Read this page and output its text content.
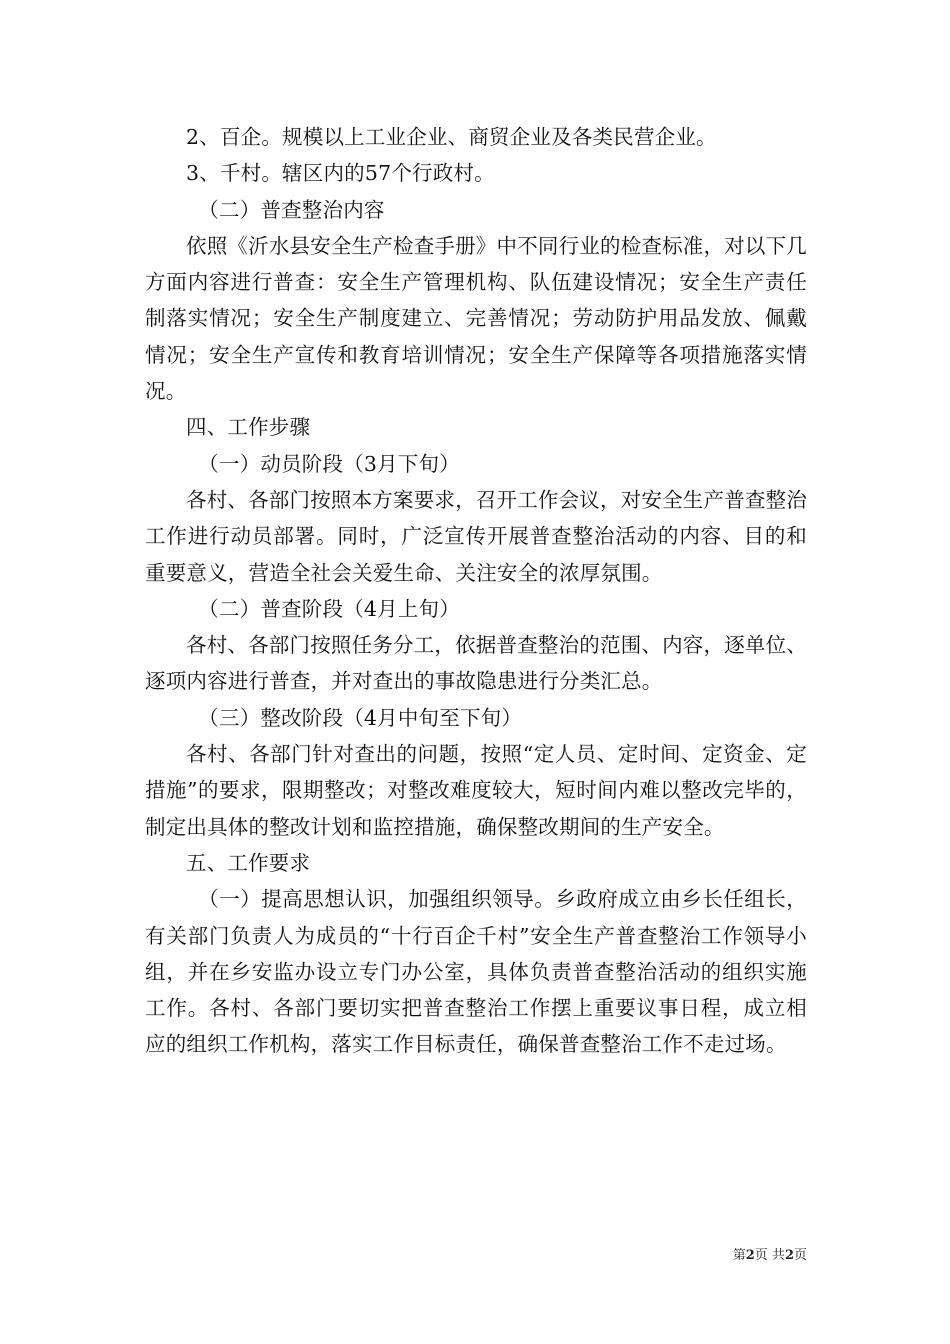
2、百企。规模以上工业企业、商贸企业及各类民营企业。

3、千村。辖区内的57个行政村。

（二）普查整治内容

依照《沂水县安全生产检查手册》中不同行业的检查标准，对以下几方面内容进行普查：安全生产管理机构、队伍建设情况；安全生产责任制落实情况；安全生产制度建立、完善情况；劳动防护用品发放、佩戴情况；安全生产宣传和教育培训情况；安全生产保障等各项措施落实情况。

四、工作步骤

（一）动员阶段（3月下旬）

各村、各部门按照本方案要求，召开工作会议，对安全生产普查整治工作进行动员部署。同时，广泛宣传开展普查整治活动的内容、目的和重要意义，营造全社会关爱生命、关注安全的浓厚氛围。

（二）普查阶段（4月上旬）

各村、各部门按照任务分工，依据普查整治的范围、内容，逐单位、逐项内容进行普查，并对查出的事故隐患进行分类汇总。

（三）整改阶段（4月中旬至下旬）

各村、各部门针对查出的问题，按照“定人员、定时间、定资金、定措施”的要求，限期整改；对整改难度较大，短时间内难以整改完毕的，制定出具体的整改计划和监控措施，确保整改期间的生产安全。

五、工作要求

（一）提高思想认识，加强组织领导。乡政府成立由乡长任组长，有关部门负责人为成员的“十行百企千村”安全生产普查整治工作领导小组，并在乡安监办设立专门办公室，具体负责普查整治活动的组织实施工作。各村、各部门要切实把普查整治工作摆上重要议事日程，成立相应的组织工作机构，落实工作目标责任，确保普查整治工作不走过场。

第2页 共2页
